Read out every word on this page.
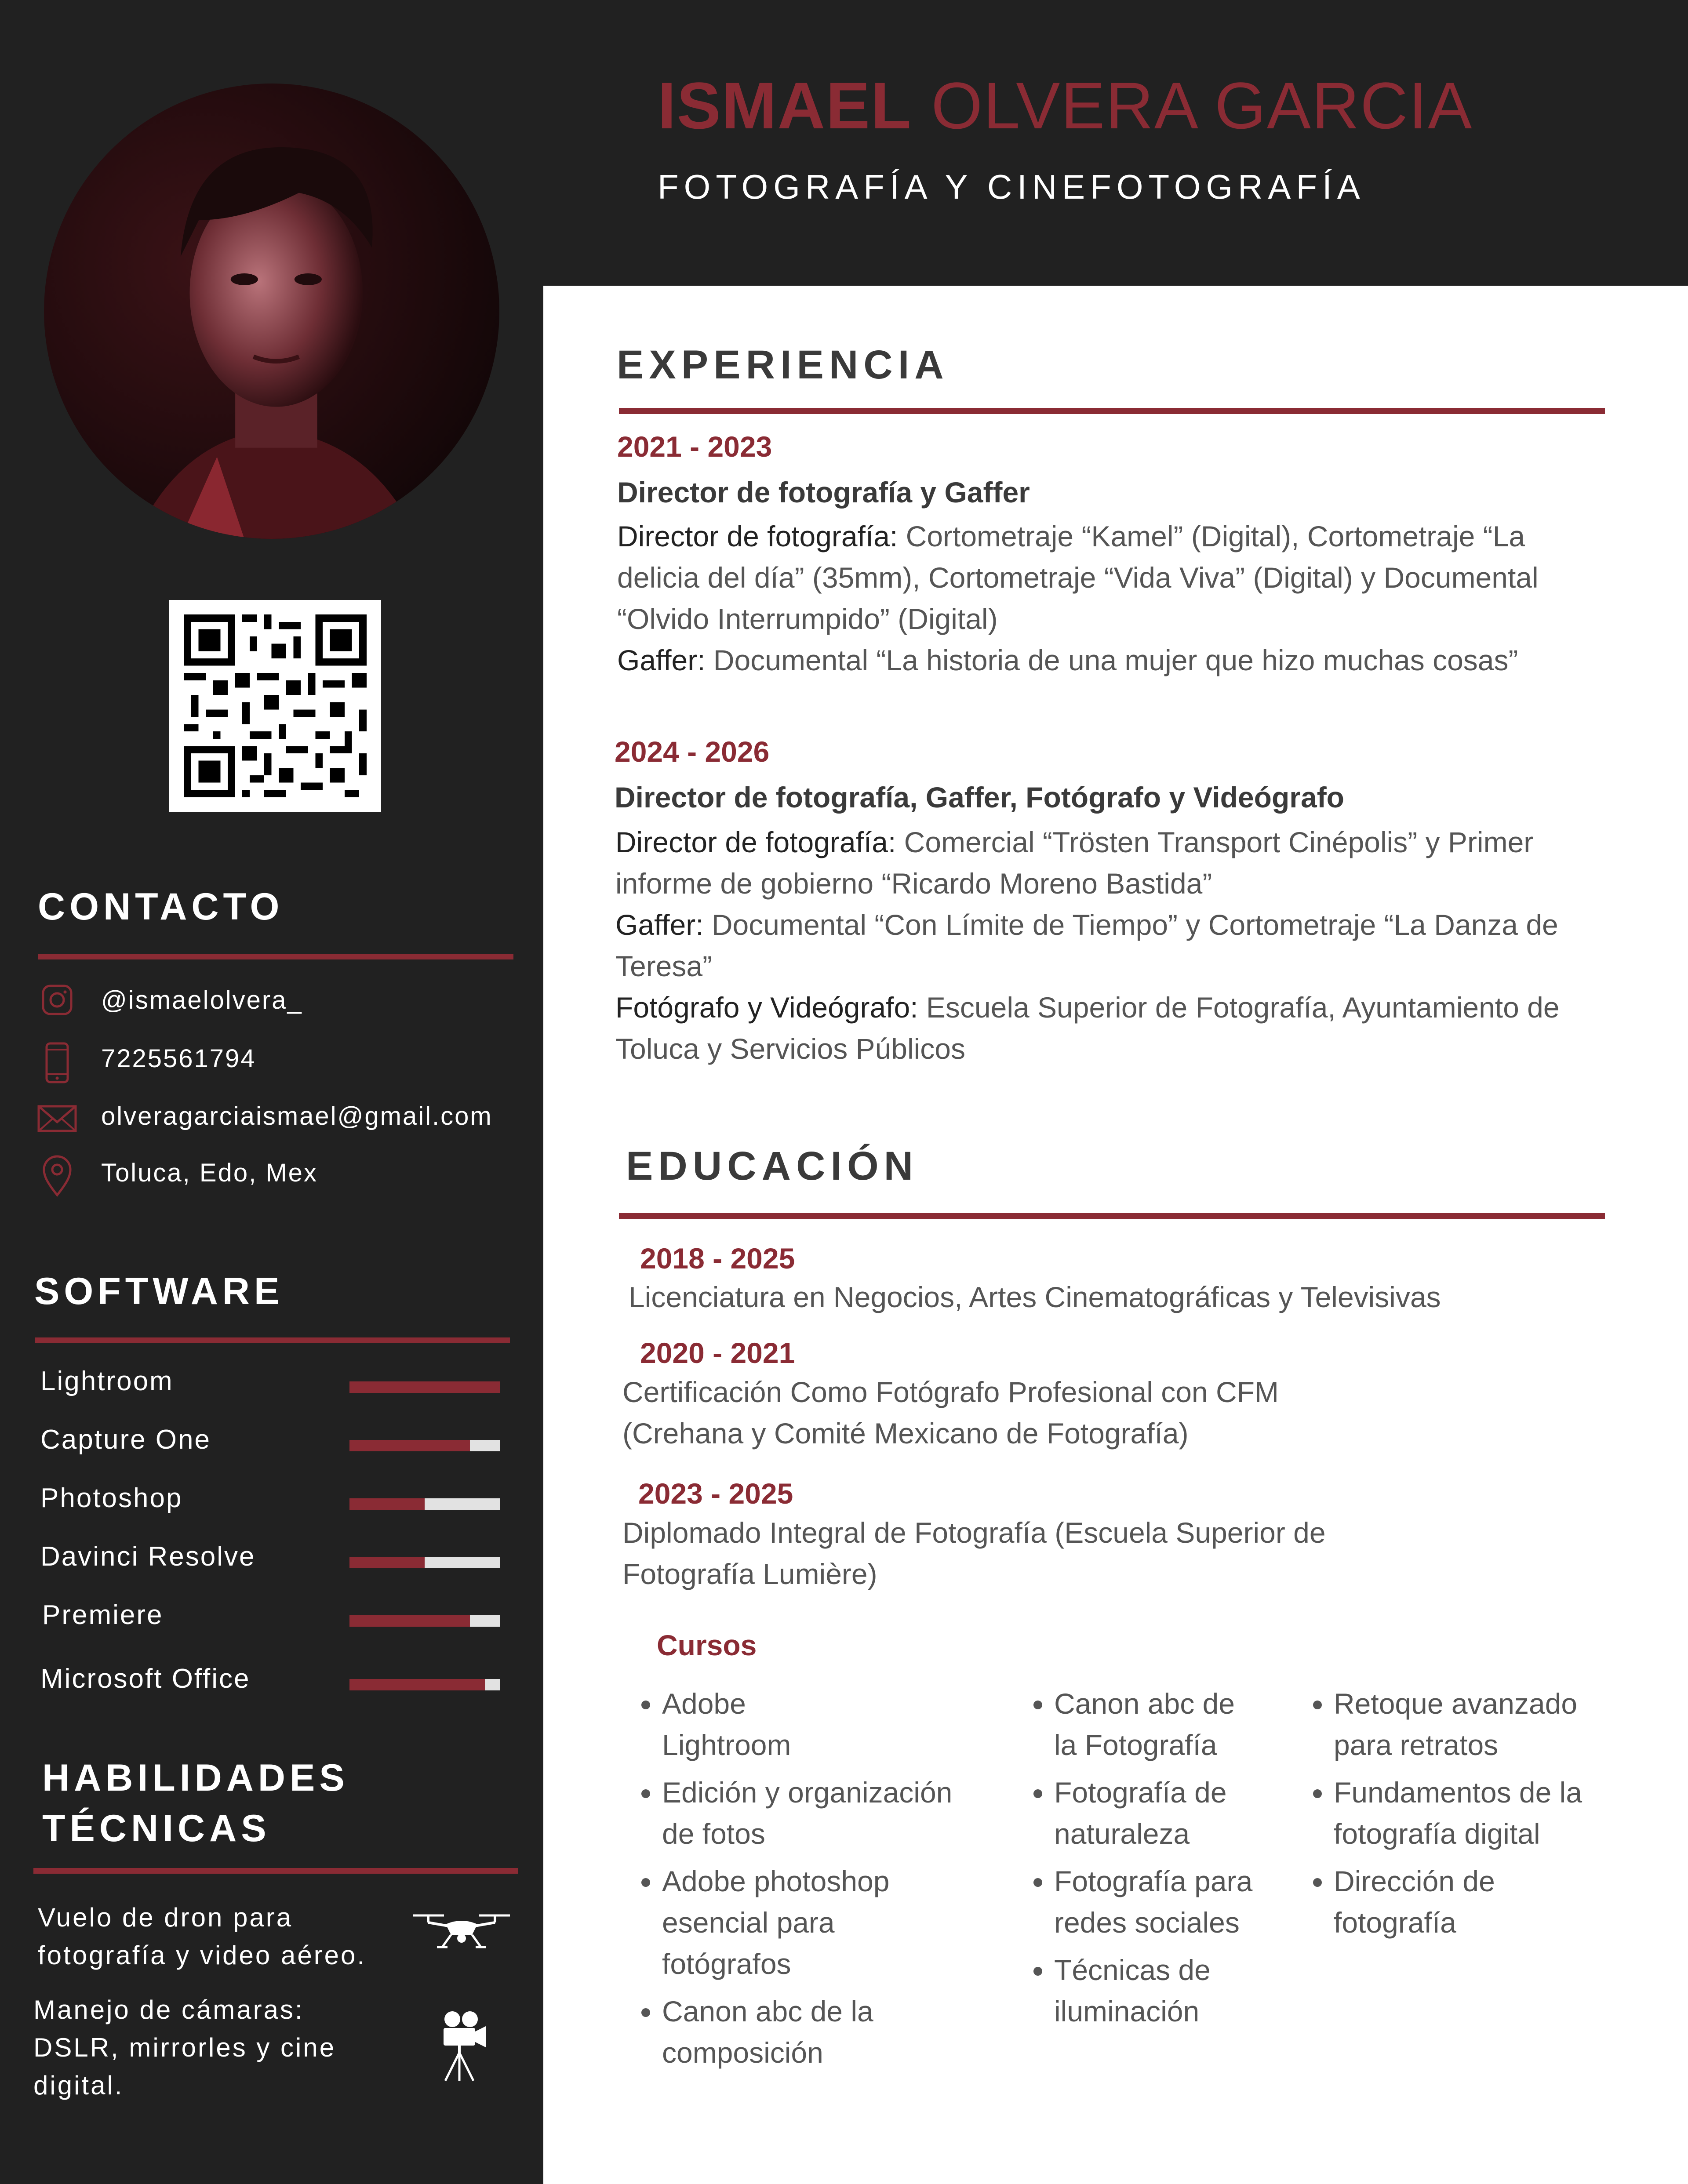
ISMAEL OLVERA GARCIA
FOTOGRAFÍA Y CINEFOTOGRAFÍA
CONTACTO
@ismaelolvera_
7225561794
olveragarciaismael@gmail.com
Toluca, Edo, Mex
SOFTWARE
Lightroom
Capture One
Photoshop
Davinci Resolve
Premiere
Microsoft Office
HABILIDADES
TÉCNICAS
Vuelo de dron para
fotografía y video aéreo.
Manejo de cámaras:
DSLR, mirrorles y cine
digital.
EXPERIENCIA
2021 - 2023
Director de fotografía y Gaffer
Director de fotografía: Cortometraje “Kamel” (Digital), Cortometraje “La delicia del día” (35mm), Cortometraje “Vida Viva” (Digital) y Documental “Olvido Interrumpido” (Digital)
Gaffer: Documental “La historia de una mujer que hizo muchas cosas”
2024 - 2026
Director de fotografía, Gaffer, Fotógrafo y Videógrafo
Director de fotografía: Comercial “Trösten Transport Cinépolis” y Primer informe de gobierno “Ricardo Moreno Bastida”
Gaffer: Documental “Con Límite de Tiempo” y Cortometraje “La Danza de Teresa”
Fotógrafo y Videógrafo: Escuela Superior de Fotografía, Ayuntamiento de Toluca y Servicios Públicos
EDUCACIÓN
2018 - 2025
Licenciatura en Negocios, Artes Cinematográficas y Televisivas
2020 - 2021
Certificación Como Fotógrafo Profesional con CFM
(Crehana y Comité Mexicano de Fotografía)
2023 - 2025
Diplomado Integral de Fotografía (Escuela Superior de
Fotografía Lumière)
Cursos
• Adobe Lightroom
• Edición y organización de fotos
• Adobe photoshop esencial para fotógrafos
• Canon abc de la composición
• Canon abc de la Fotografía
• Fotografía de naturaleza
• Fotografía para redes sociales
• Técnicas de iluminación
• Retoque avanzado para retratos
• Fundamentos de la fotografía digital
• Dirección de fotografía
